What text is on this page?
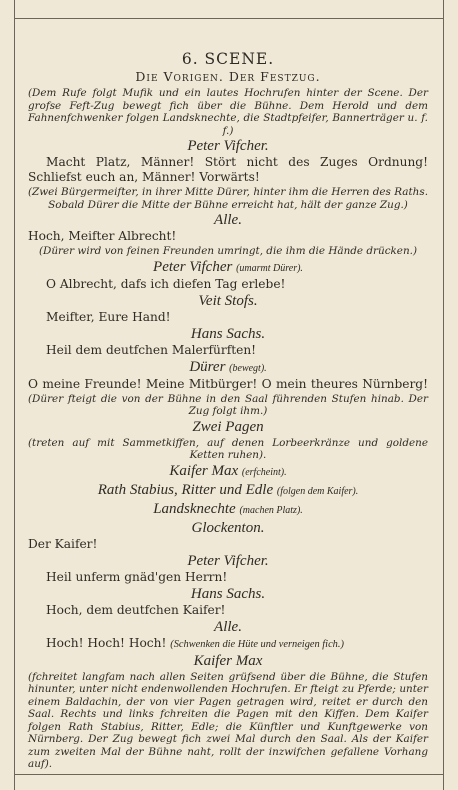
6. SCENE.
Die Vorigen. Der Festzug.
(Dem Rufe folgt Mufik und ein lautes Hochrufen hinter der Scene. Der grofse Feft-Zug bewegt fich über die Bühne. Dem Herold und dem Fahnenfchwenker folgen Landsknechte, die Stadtpfeifer, Bannerträger u. f. f.)
Peter Vifcher.
Macht Platz, Männer! Stört nicht des Zuges Ordnung!
Schliefst euch an, Männer! Vorwärts!
(Zwei Bürgermeifter, in ihrer Mitte Dürer, hinter ihm die Herren des Raths. Sobald Dürer die Mitte der Bühne erreicht hat, hält der ganze Zug.)
Alle.
Hoch, Meifter Albrecht!
(Dürer wird von feinen Freunden umringt, die ihm die Hände drücken.)
Peter Vifcher (umarmt Dürer).
O Albrecht, dafs ich diefen Tag erlebe!
Veit Stofs.
Meifter, Eure Hand!
Hans Sachs.
Heil dem deutfchen Malerfürften!
Dürer (bewegt).
O meine Freunde! Meine Mitbürger! O mein theures Nürnberg!
(Dürer fteigt die von der Bühne in den Saal führenden Stufen hinab. Der Zug folgt ihm.)
Zwei Pagen
(treten auf mit Sammetkiffen, auf denen Lorbeerkränze und goldene Ketten ruhen).
Kaifer Max (erfcheint).
Rath Stabius, Ritter und Edle (folgen dem Kaifer).
Landsknechte (machen Platz).
Glockenton.
Der Kaifer!
Peter Vifcher.
Heil unferm gnäd'gen Herrn!
Hans Sachs.
Hoch, dem deutfchen Kaifer!
Alle.
Hoch! Hoch! Hoch! (Schwenken die Hüte und verneigen fich.)
Kaifer Max
(fchreitet langfam nach allen Seiten grüfsend über die Bühne, die Stufen hinunter, unter nicht endenwollenden Hochrufen. Er fteigt zu Pferde; unter einem Baldachin, der von vier Pagen getragen wird, reitet er durch den Saal. Rechts und links fchreiten die Pagen mit den Kiffen. Dem Kaifer folgen Rath Stabius, Ritter, Edle; die Künftler und Kunftgewerke von Nürnberg. Der Zug bewegt fich zwei Mal durch den Saal. Als der Kaifer zum zweiten Mal der Bühne naht, rollt der inzwifchen gefallene Vorhang auf).
